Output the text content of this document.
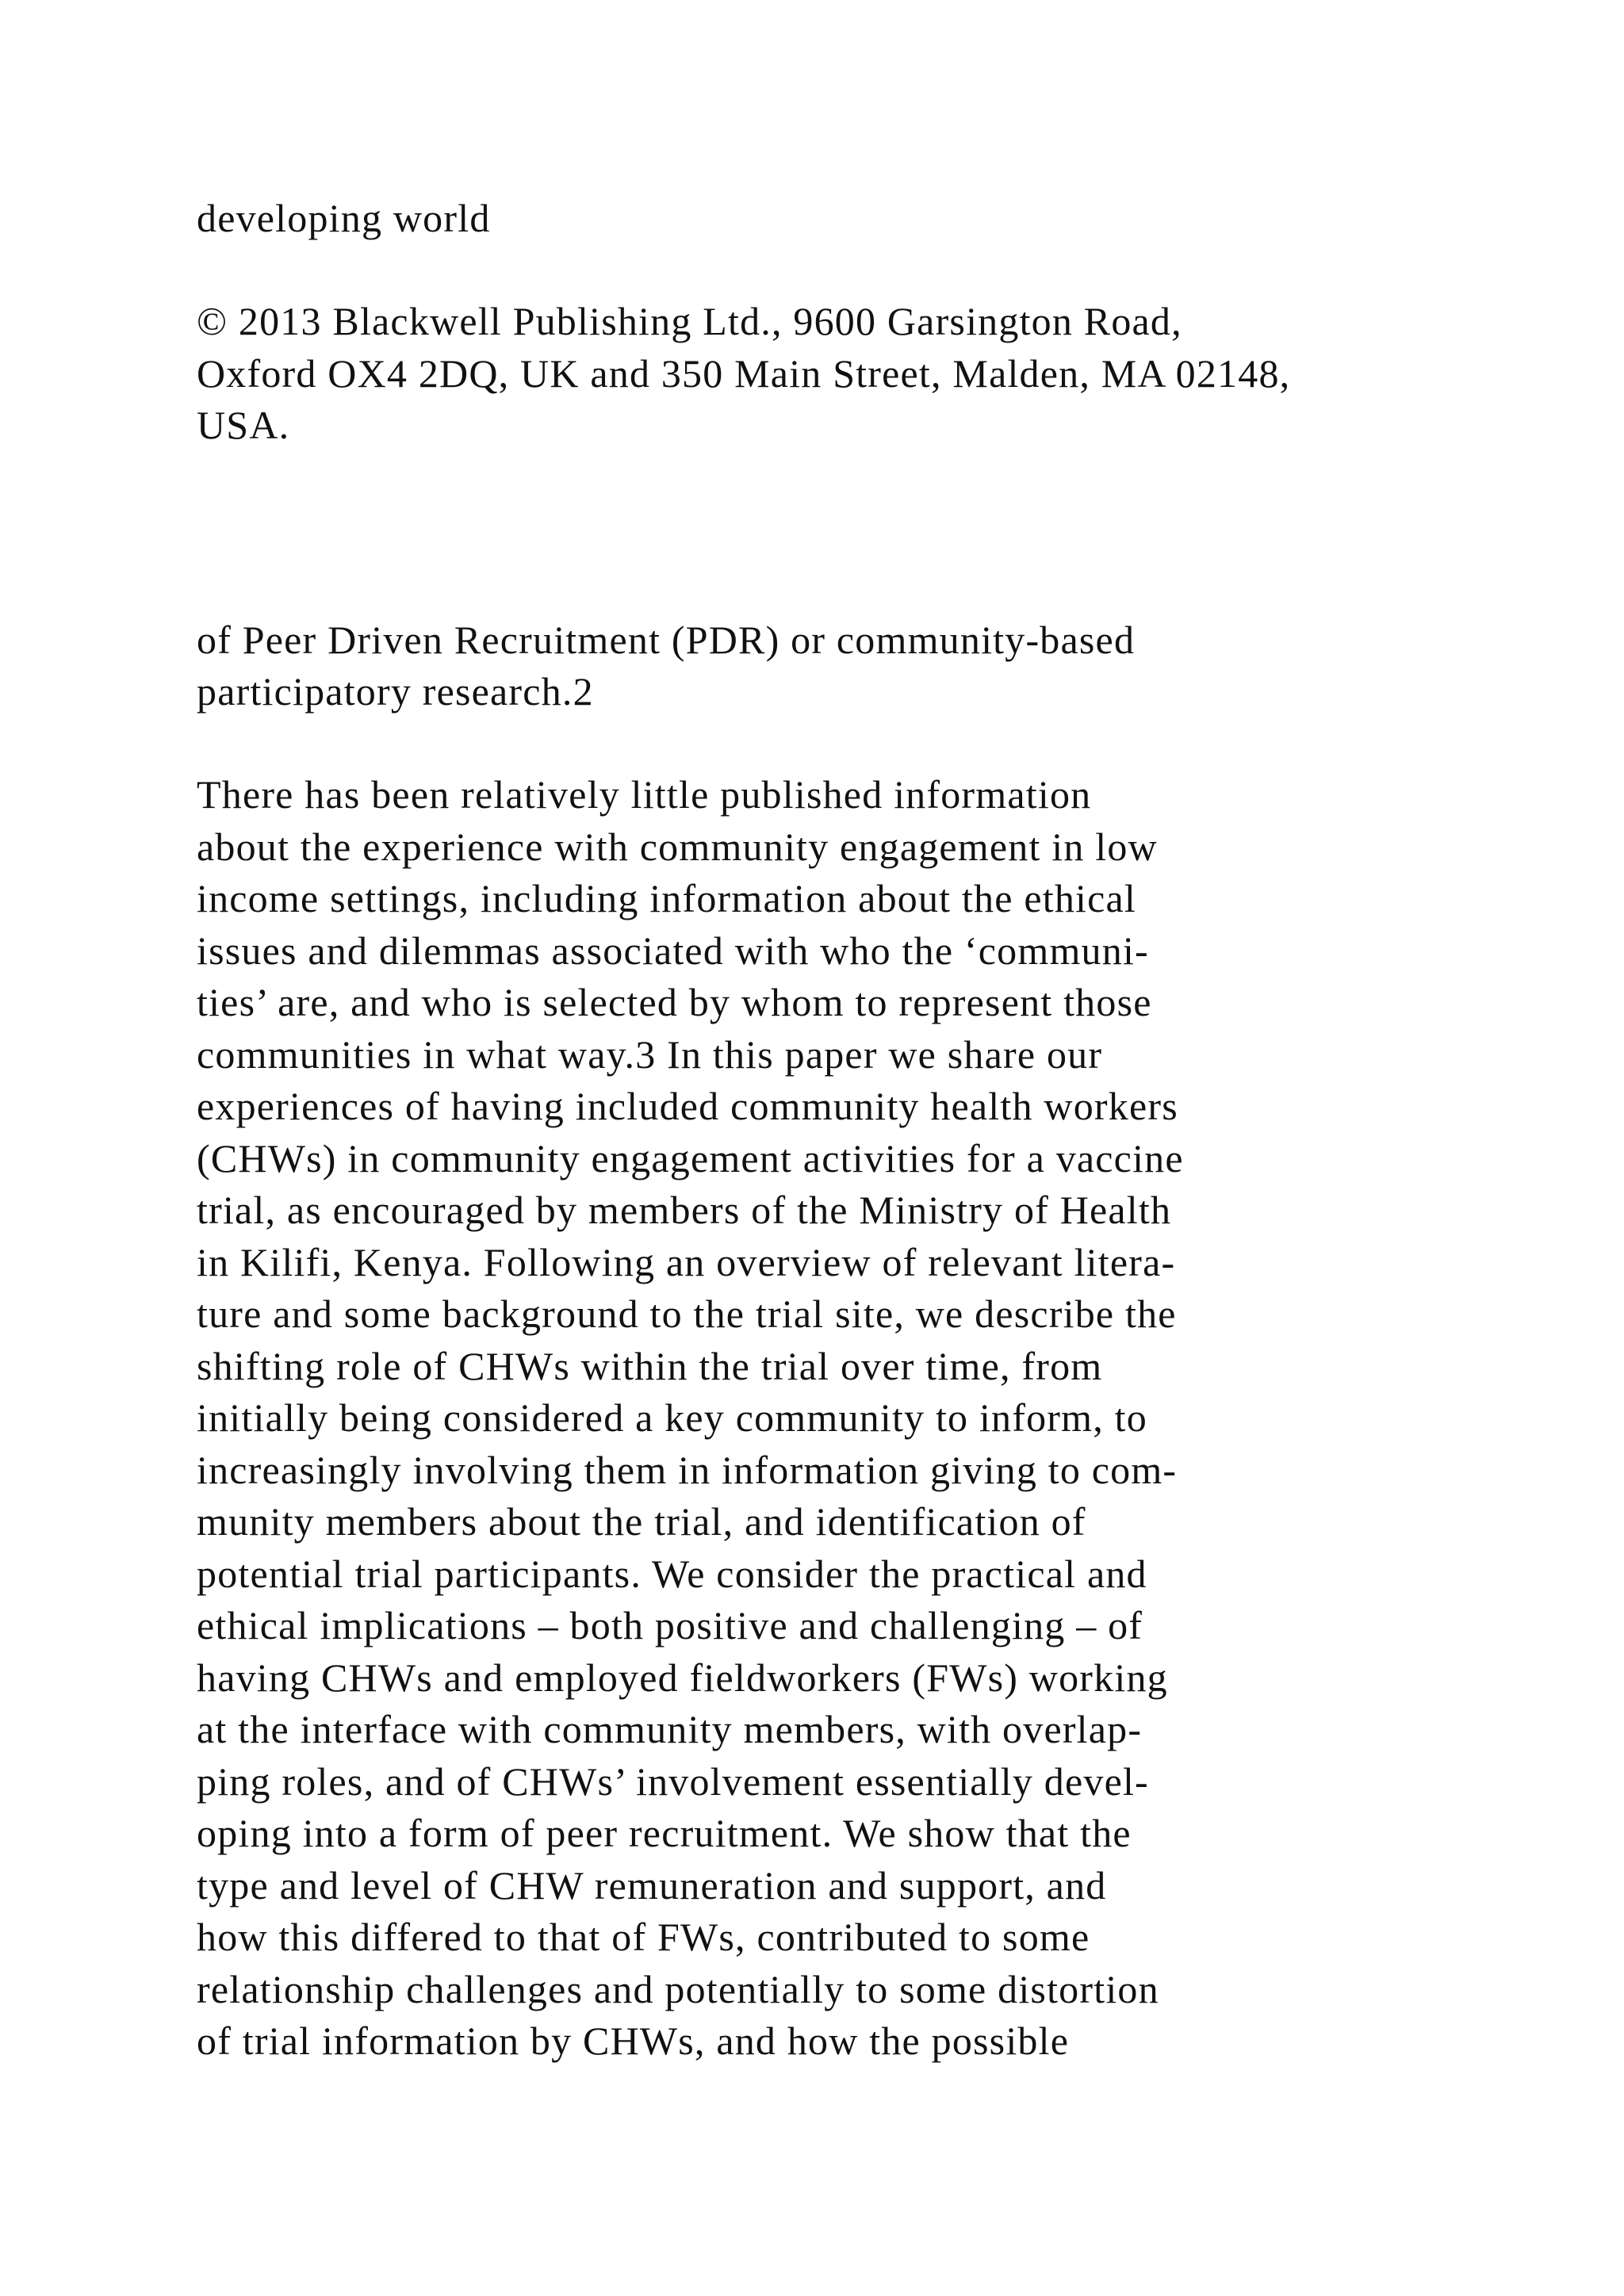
developing world

© 2013 Blackwell Publishing Ltd., 9600 Garsington Road,

Oxford OX4 2DQ, UK and 350 Main Street, Malden, MA 02148,

USA.

of Peer Driven Recruitment (PDR) or community-based

participatory research.2

There has been relatively little published information

about the experience with community engagement in low

income settings, including information about the ethical

issues and dilemmas associated with who the ‘communi-

ties’ are, and who is selected by whom to represent those

communities in what way.3 In this paper we share our

experiences of having included community health workers

(CHWs) in community engagement activities for a vaccine

trial, as encouraged by members of the Ministry of Health

in Kilifi, Kenya. Following an overview of relevant litera-

ture and some background to the trial site, we describe the

shifting role of CHWs within the trial over time, from

initially being considered a key community to inform, to

increasingly involving them in information giving to com-

munity members about the trial, and identification of

potential trial participants. We consider the practical and

ethical implications – both positive and challenging – of

having CHWs and employed fieldworkers (FWs) working

at the interface with community members, with overlap-

ping roles, and of CHWs’ involvement essentially devel-

oping into a form of peer recruitment. We show that the

type and level of CHW remuneration and support, and

how this differed to that of FWs, contributed to some

relationship challenges and potentially to some distortion

of trial information by CHWs, and how the possible
